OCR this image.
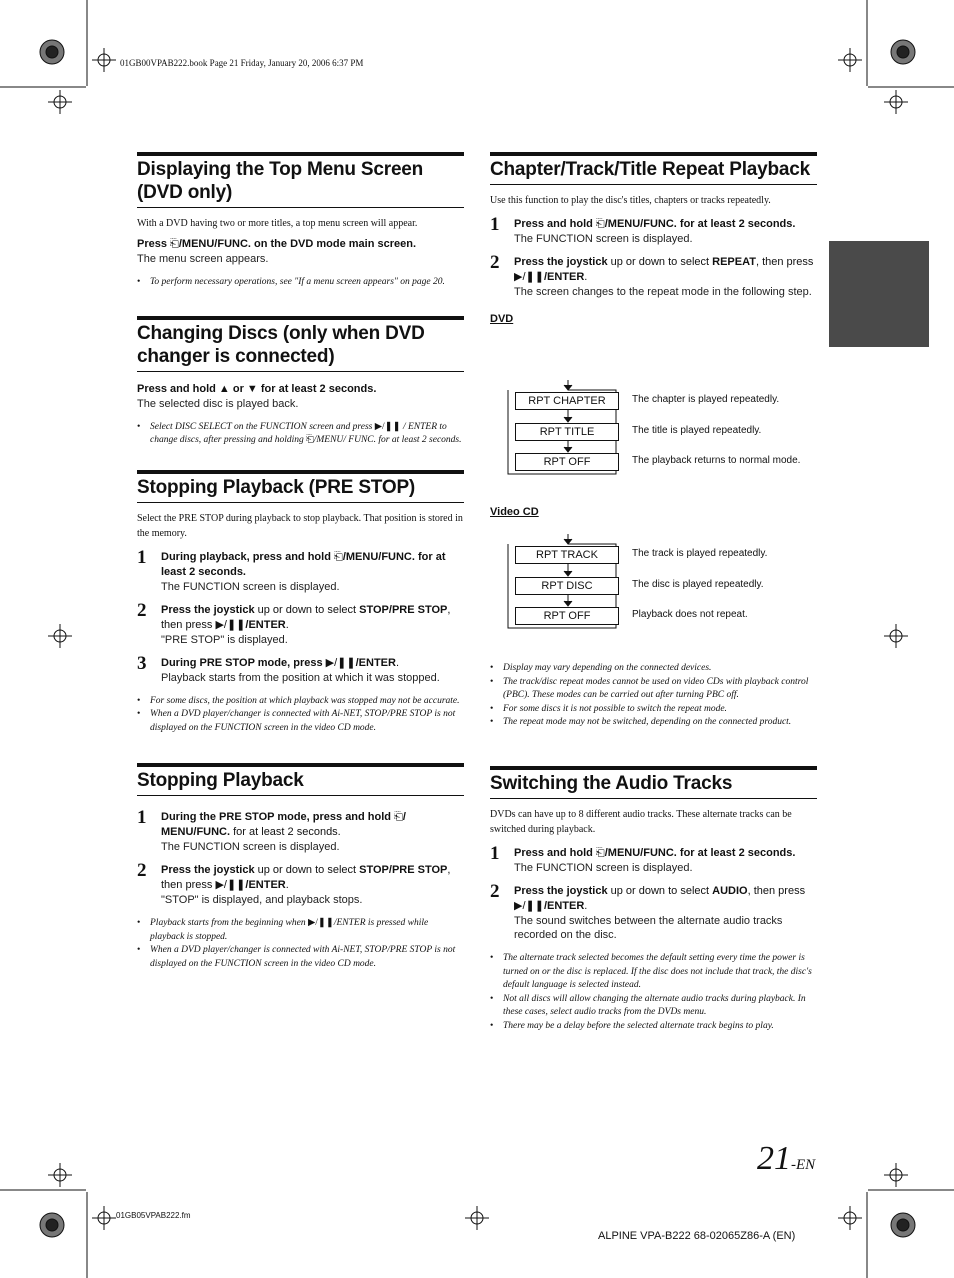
01GB00VPAB222.book Page 21 Friday, January 20, 2006 6:37 PM
Displaying the Top Menu Screen (DVD only)

With a DVD having two or more titles, a top menu screen will appear.

Press ⎗/MENU/FUNC. on the DVD mode main screen.
The menu screen appears.
• To perform necessary operations, see "If a menu screen appears" on page 20.
Changing Discs (only when DVD changer is connected)
Press and hold ▲ or ▼ for at least 2 seconds.
The selected disc is played back.
• Select DISC SELECT on the FUNCTION screen and press ▶/❚❚ / ENTER to change discs, after pressing and holding ⎗/MENU/ FUNC. for at least 2 seconds.
Stopping Playback (PRE STOP)

Select the PRE STOP during playback to stop playback. That position is stored in the memory.

1 During playback, press and hold ⎗/MENU/FUNC. for at least 2 seconds.
The FUNCTION screen is displayed.
2 Press the joystick up or down to select STOP/PRE STOP, then press ▶/❚❚/ENTER.
"PRE STOP" is displayed.
3 During PRE STOP mode, press ▶/❚❚/ENTER.
Playback starts from the position at which it was stopped.
• For some discs, the position at which playback was stopped may not be accurate.
• When a DVD player/changer is connected with Ai-NET, STOP/PRE STOP is not displayed on the FUNCTION screen in the video CD mode.
Stopping Playback
1 During the PRE STOP mode, press and hold ⎗/ MENU/FUNC. for at least 2 seconds.
The FUNCTION screen is displayed.
2 Press the joystick up or down to select STOP/PRE STOP, then press ▶/❚❚/ENTER.
"STOP" is displayed, and playback stops.
• Playback starts from the beginning when ▶/❚❚/ENTER is pressed while playback is stopped.
• When a DVD player/changer is connected with Ai-NET, STOP/PRE STOP is not displayed on the FUNCTION screen in the video CD mode.
Chapter/Track/Title Repeat Playback

Use this function to play the disc's titles, chapters or tracks repeatedly.

1 Press and hold ⎗/MENU/FUNC. for at least 2 seconds.
The FUNCTION screen is displayed.
2 Press the joystick up or down to select REPEAT, then press ▶/❚❚/ENTER.
The screen changes to the repeat mode in the following step.
DVD
RPT CHAPTER
RPT TITLE
RPT OFF
The chapter is played repeatedly.
The title is played repeatedly.
The playback returns to normal mode.
Video CD
RPT TRACK
RPT DISC
RPT OFF
The track is played repeatedly.
The disc is played repeatedly.
Playback does not repeat.
• Display may vary depending on the connected devices.
• The track/disc repeat modes cannot be used on video CDs with playback control (PBC). These modes can be carried out after turning PBC off.
• For some discs it is not possible to switch the repeat mode.
• The repeat mode may not be switched, depending on the connected product.
Switching the Audio Tracks

DVDs can have up to 8 different audio tracks. These alternate tracks can be switched during playback.

1 Press and hold ⎗/MENU/FUNC. for at least 2 seconds.
The FUNCTION screen is displayed.
2 Press the joystick up or down to select AUDIO, then press ▶/❚❚/ENTER.
The sound switches between the alternate audio tracks recorded on the disc.
• The alternate track selected becomes the default setting every time the power is turned on or the disc is replaced. If the disc does not include that track, the disc's default language is selected instead.
• Not all discs will allow changing the alternate audio tracks during playback. In these cases, select audio tracks from the DVDs menu.
• There may be a delay before the selected alternate track begins to play.
21-EN
01GB05VPAB222.fm
ALPINE VPA-B222 68-02065Z86-A (EN)
